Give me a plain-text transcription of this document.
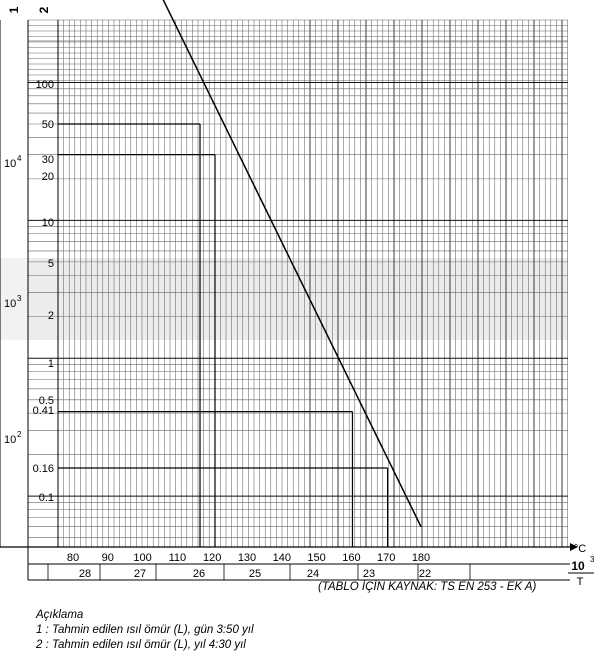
1 2
100
50
30
20
10
5
2
1
0.5
0.41
0.16
0.1
10 4
10 3
10 2
80 90 100 110 120 130 140 150 160 170 180
°C
28	27	26	25	24	23	22
10 3
T
(TABLO İÇİN KAYNAK: TS EN 253 - EK A)
Açıklama
1 : Tahmin edilen ısıl ömür (L), gün 3:50 yıl
2 : Tahmin edilen ısıl ömür (L), yıl 4:30 yıl
